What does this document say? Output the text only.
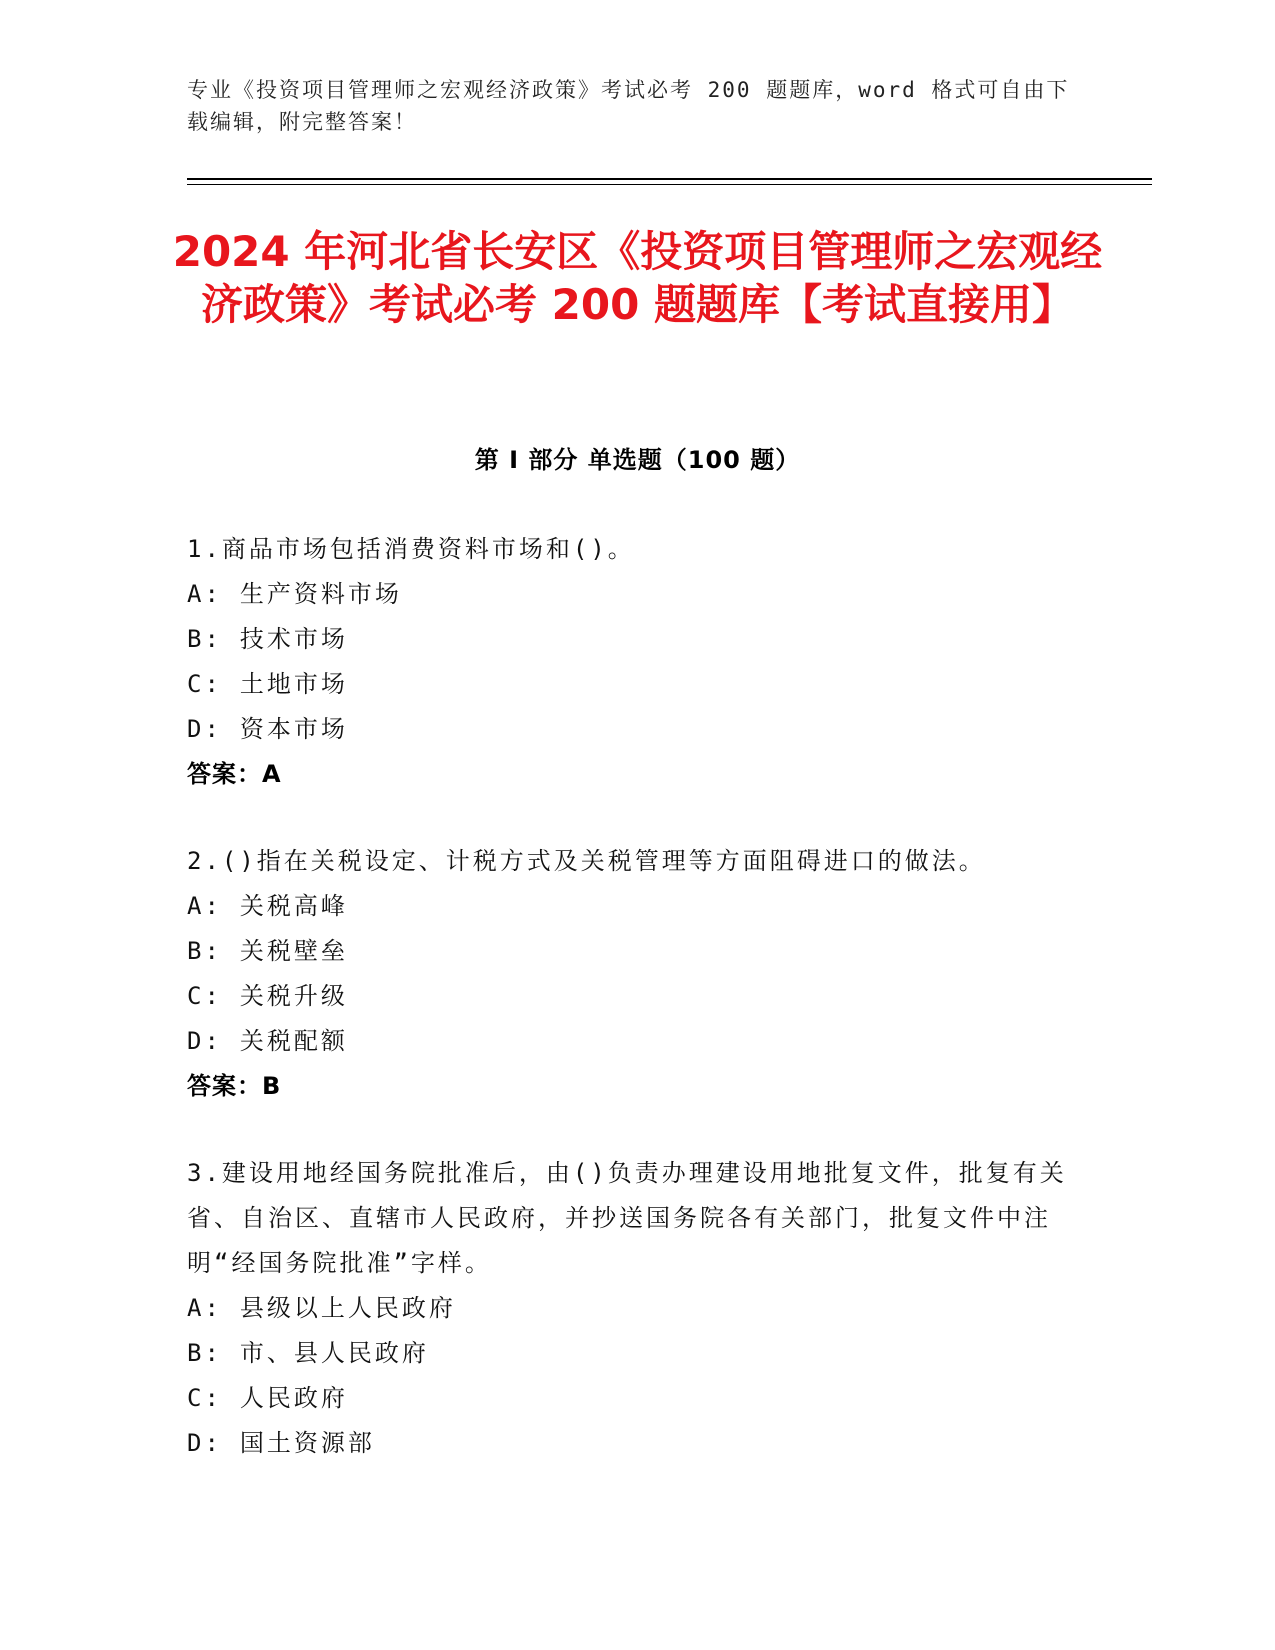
专业《投资项目管理师之宏观经济政策》考试必考 200 题题库，word 格式可自由下载编辑，附完整答案！
2024 年河北省长安区《投资项目管理师之宏观经济政策》考试必考 200 题题库【考试直接用】
第 I 部分 单选题（100 题）

1.商品市场包括消费资料市场和()。

A: 生产资料市场

B: 技术市场

C: 土地市场

D: 资本市场

答案：A

2.()指在关税设定、计税方式及关税管理等方面阻碍进口的做法。

A: 关税高峰

B: 关税壁垒

C: 关税升级

D: 关税配额

答案：B

3.建设用地经国务院批准后，由()负责办理建设用地批复文件，批复有关省、自治区、直辖市人民政府，并抄送国务院各有关部门，批复文件中注明“经国务院批准”字样。

A: 县级以上人民政府

B: 市、县人民政府

C: 人民政府

D: 国土资源部
